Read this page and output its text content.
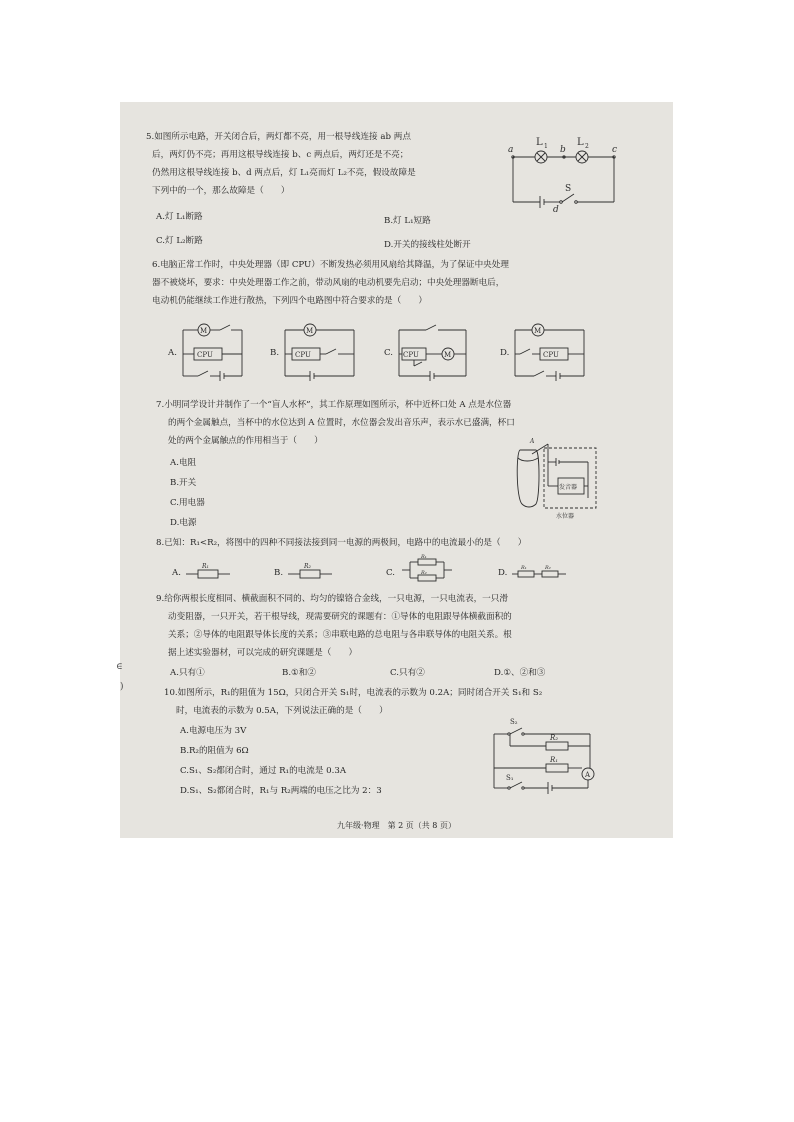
5.如图所示电路，开关闭合后，两灯都不亮，用一根导线连接 ab 两点
后，两灯仍不亮；再用这根导线连接 b、c 两点后，两灯还是不亮；
仍然用这根导线连接 b、d 两点后，灯 L₁亮而灯 L₂不亮，假设故障是
下列中的一个，那么故障是（　　）
A.灯 L₁断路	B.灯 L₁短路
C.灯 L₂断路	D.开关的接线柱处断开
a	b	c
d
L 1	L 2
S
6.电脑正常工作时，中央处理器（即 CPU）不断发热必须用风扇给其降温，为了保证中央处理
器不被烧坏，要求：中央处理器工作之前，带动风扇的电动机要先启动；中央处理器断电后，
电动机仍能继续工作进行散热，下列四个电路图中符合要求的是（　　）
A.	B.	C.	D.
M
CPU
M
CPU	CPU	M
M
CPU
7.小明同学设计并制作了一个“盲人水杯”，其工作原理如图所示，杯中近杯口处 A 点是水位器
的两个金属触点，当杯中的水位达到 A 位置时，水位器会发出音乐声，表示水已盛满，杯口
处的两个金属触点的作用相当于（　　）
A.电阻
B.开关
C.用电器
D.电源
A
发音器
水位器
8.已知：R₁<R₂，将图中的四种不同接法接到同一电源的两极间，电路中的电流最小的是（　　）
A.	B.	C.	D.
R₁	R₂
R₁
R₂
R₁	R₂
9.给你两根长度相同、横截面积不同的、均匀的镍铬合金线，一只电源，一只电流表，一只滑
动变阻器，一只开关，若干根导线，现需要研究的课题有：①导体的电阻跟导体横截面积的
关系；②导体的电阻跟导体长度的关系；③串联电路的总电阻与各串联导体的电阻关系。根
据上述实验器材，可以完成的研究课题是（　　）
A.只有①	B.①和②	C.只有②	D.①、②和③
10.如图所示，R₁的阻值为 15Ω，只闭合开关 S₁时，电流表的示数为 0.2A；同时闭合开关 S₁和 S₂
时，电流表的示数为 0.5A，下列说法正确的是（　　）
A.电源电压为 3V
B.R₂的阻值为 6Ω
C.S₁、S₂都闭合时，通过 R₁的电流是 0.3A
D.S₁、S₂都闭合时，R₁与 R₂两端的电压之比为 2：3
S₂
R₂
R₁
S₁	A
九年级·物理　第 2 页（共 8 页）
∈
)
